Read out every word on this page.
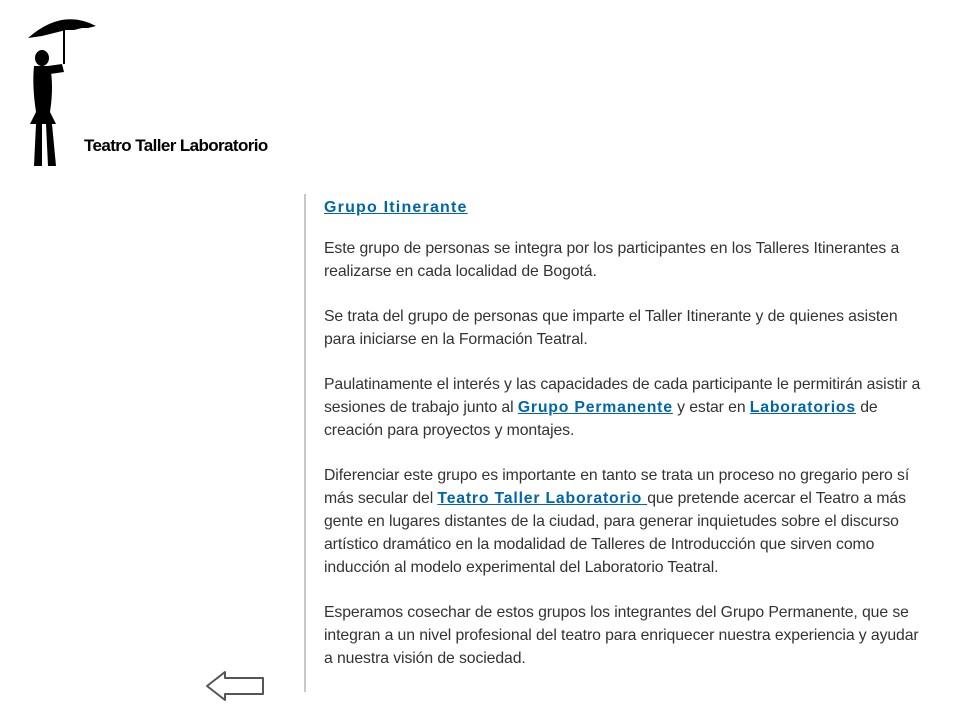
Teatro Taller Laboratorio
Grupo Itinerante

Este grupo de personas se integra por los participantes en los Talleres Itinerantes a realizarse en cada localidad de Bogotá.

Se trata del grupo de personas que imparte el Taller Itinerante y de quienes asisten para iniciarse en la Formación Teatral.

Paulatinamente el interés y las capacidades de cada participante le permitirán asistir a sesiones de trabajo junto al Grupo Permanente y estar en Laboratorios de creación para proyectos y montajes.

Diferenciar este grupo es importante en tanto se trata un proceso no gregario pero sí más secular del Teatro Taller Laboratorio que pretende acercar el Teatro a más gente en lugares distantes de la ciudad, para generar inquietudes sobre el discurso artístico dramático en la modalidad de Talleres de Introducción que sirven como inducción al modelo experimental del Laboratorio Teatral.

Esperamos cosechar de estos grupos los integrantes del Grupo Permanente, que se integran a un nivel profesional del teatro para enriquecer nuestra experiencia y ayudar a nuestra visión de sociedad.
